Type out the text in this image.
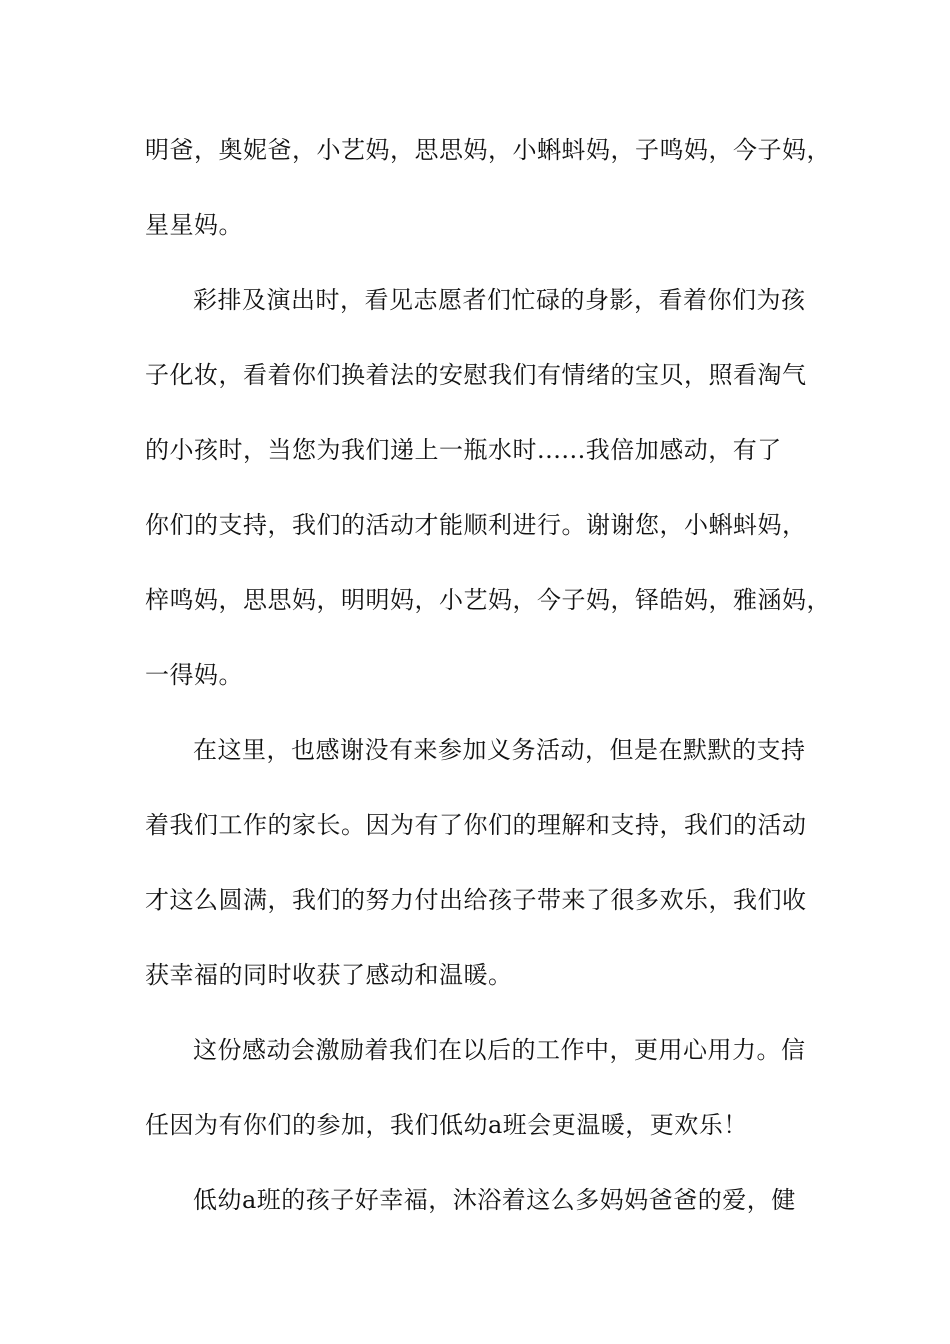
明爸，奥妮爸，小艺妈，思思妈，小蝌蚪妈，子鸣妈，今子妈，
星星妈。
彩排及演出时，看见志愿者们忙碌的身影，看着你们为孩
子化妆，看着你们换着法的安慰我们有情绪的宝贝，照看淘气
的小孩时，当您为我们递上一瓶水时......我倍加感动，有了
你们的支持，我们的活动才能顺利进行。谢谢您，小蝌蚪妈，
梓鸣妈，思思妈，明明妈，小艺妈，今子妈，铎皓妈，雅涵妈，
一得妈。
在这里，也感谢没有来参加义务活动，但是在默默的支持
着我们工作的家长。因为有了你们的理解和支持，我们的活动
才这么圆满，我们的努力付出给孩子带来了很多欢乐，我们收
获幸福的同时收获了感动和温暖。
这份感动会激励着我们在以后的工作中，更用心用力。信
任因为有你们的参加，我们低幼a班会更温暖，更欢乐！
低幼a班的孩子好幸福，沐浴着这么多妈妈爸爸的爱，健
